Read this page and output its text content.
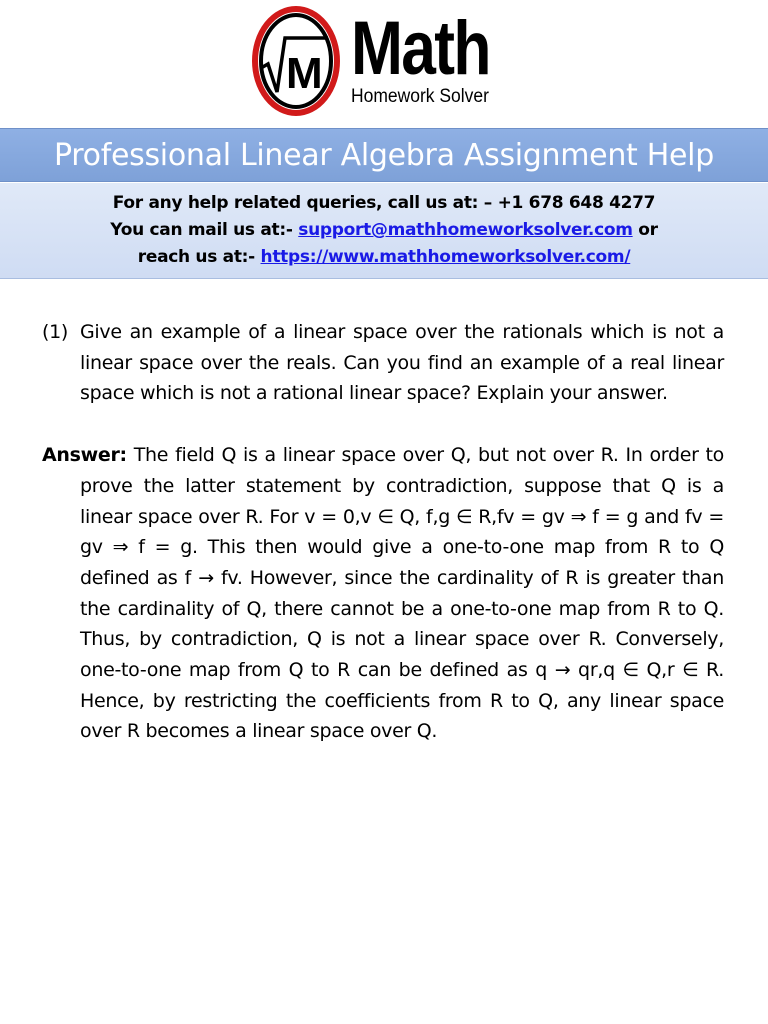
M Math
Homework Solver
Professional Linear Algebra Assignment Help
For any help related queries, call us at: – +1 678 648 4277
You can mail us at:- support@mathhomeworksolver.com or
reach us at:- https://www.mathhomeworksolver.com/

(1) Give an example of a linear space over the rationals which is not a linear space over the reals. Can you find an example of a real linear space which is not a rational linear space? Explain your answer.

Answer: The field Q is a linear space over Q, but not over R. In order to prove the latter statement by contradiction, suppose that Q is a linear space over R. For v = 0,v ∈ Q, f,g ∈ R,fv = gv ⇒ f = g and fv = gv ⇒ f = g. This then would give a one-to-one map from R to Q defined as f → fv. However, since the cardinality of R is greater than the cardinality of Q, there cannot be a one-to-one map from R to Q. Thus, by contradiction, Q is not a linear space over R. Conversely, one-to-one map from Q to R can be defined as q → qr,q ∈ Q,r ∈ R. Hence, by restricting the coefficients from R to Q, any linear space over R becomes a linear space over Q.
